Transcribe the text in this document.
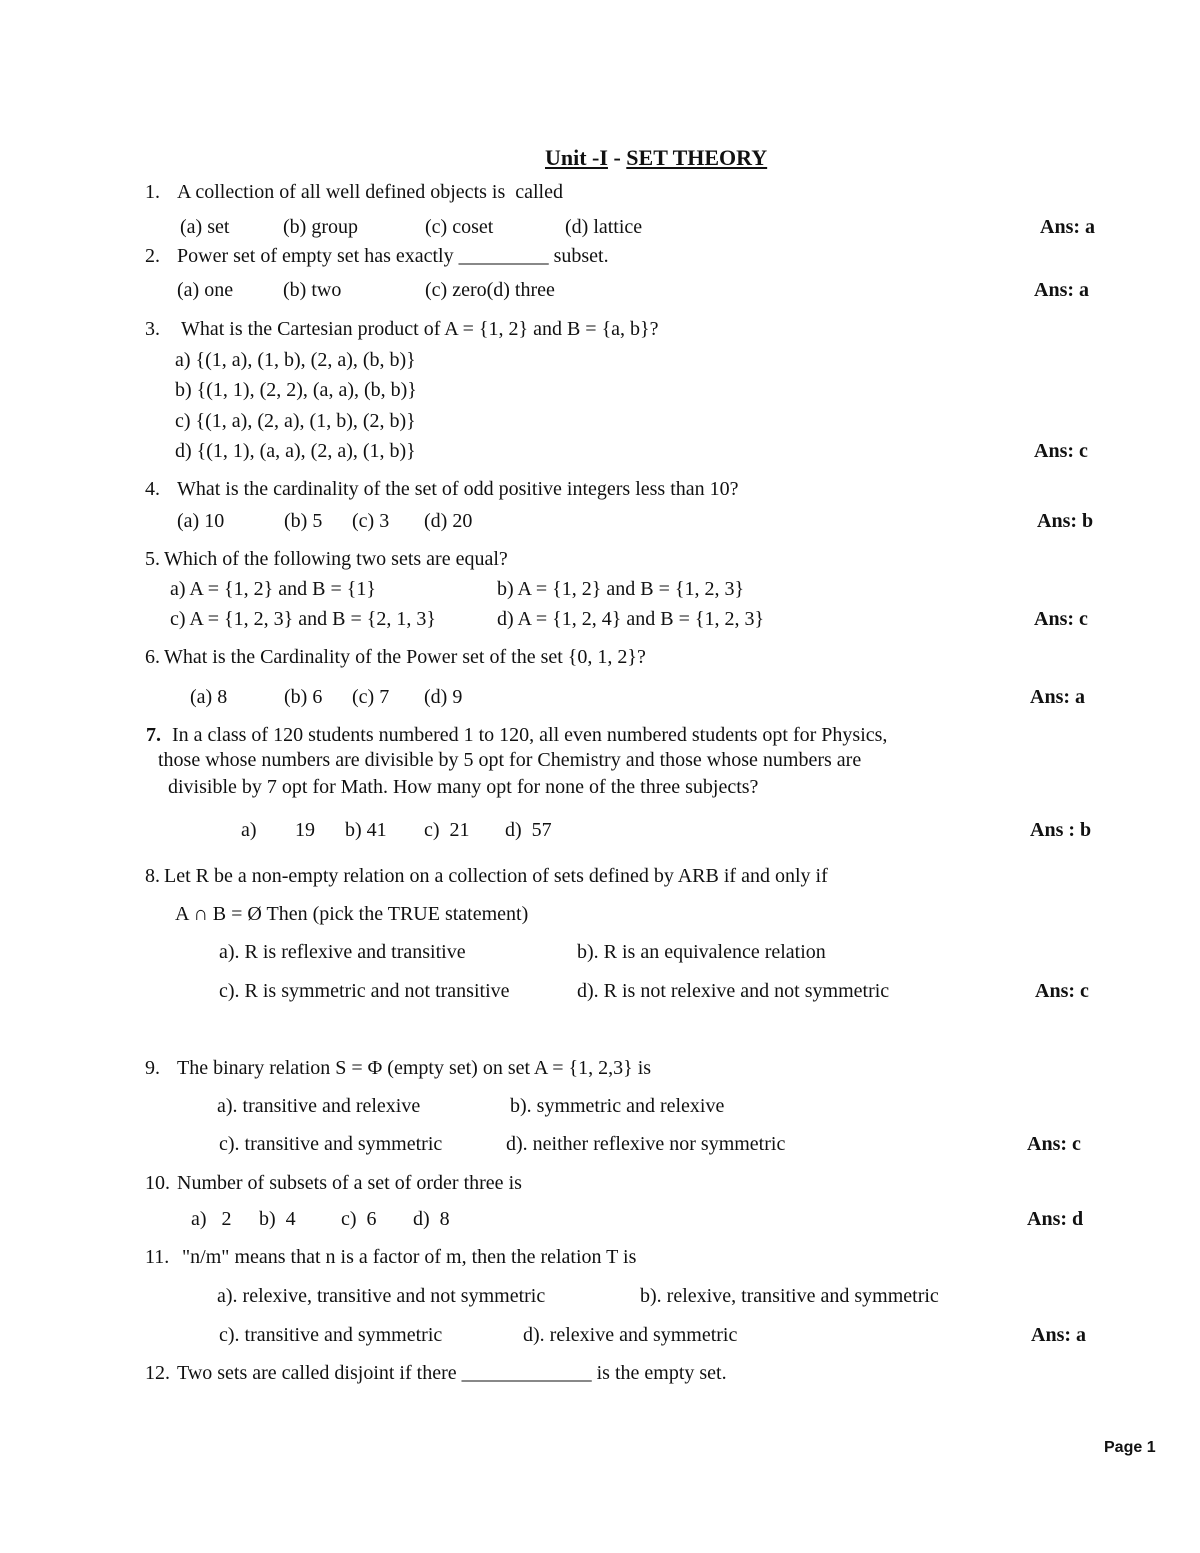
Unit -I - SET THEORY
1. A collection of all well defined objects is  called
(a) set	(b) group	(c) coset	(d) lattice	Ans: a
2. Power set of empty set has exactly _________ subset.
(a) one (b) two	(c) zero(d) three	Ans: a
3. What is the Cartesian product of A = {1, 2} and B = {a, b}?
a) {(1, a), (1, b), (2, a), (b, b)}
b) {(1, 1), (2, 2), (a, a), (b, b)}
c) {(1, a), (2, a), (1, b), (2, b)}
d) {(1, 1), (a, a), (2, a), (1, b)}	Ans: c
4. What is the cardinality of the set of odd positive integers less than 10?
(a) 10	(b) 5 (c) 3 (d) 20	Ans: b
5. Which of the following two sets are equal?
a) A = {1, 2} and B = {1}	b) A = {1, 2} and B = {1, 2, 3}
c) A = {1, 2, 3} and B = {2, 1, 3}	d) A = {1, 2, 4} and B = {1, 2, 3}	Ans: c
6. What is the Cardinality of the Power set of the set {0, 1, 2}?
(a) 8	(b) 6 (c) 7 (d) 9	Ans: a
7. In a class of 120 students numbered 1 to 120, all even numbered students opt for Physics,
those whose numbers are divisible by 5 opt for Chemistry and those whose numbers are
divisible by 7 opt for Math. How many opt for none of the three subjects?
a) 19 b) 41 c)  21 d)  57	Ans : b
8. Let R be a non-empty relation on a collection of sets defined by ARB if and only if
A ∩ B = Ø Then (pick the TRUE statement)
a). R is reflexive and transitive	b). R is an equivalence relation
c). R is symmetric and not transitive	d). R is not relexive and not symmetric	Ans: c
9. The binary relation S = Φ (empty set) on set A = {1, 2,3} is
a). transitive and relexive	b). symmetric and relexive
c). transitive and symmetric	d). neither reflexive nor symmetric	Ans: c
10. Number of subsets of a set of order three is
a)   2 b)  4 c)  6 d)  8	Ans: d
11. "n/m" means that n is a factor of m, then the relation T is
a). relexive, transitive and not symmetric	b). relexive, transitive and symmetric
c). transitive and symmetric	d). relexive and symmetric	Ans: a
12. Two sets are called disjoint if there _____________ is the empty set.
Page 1
